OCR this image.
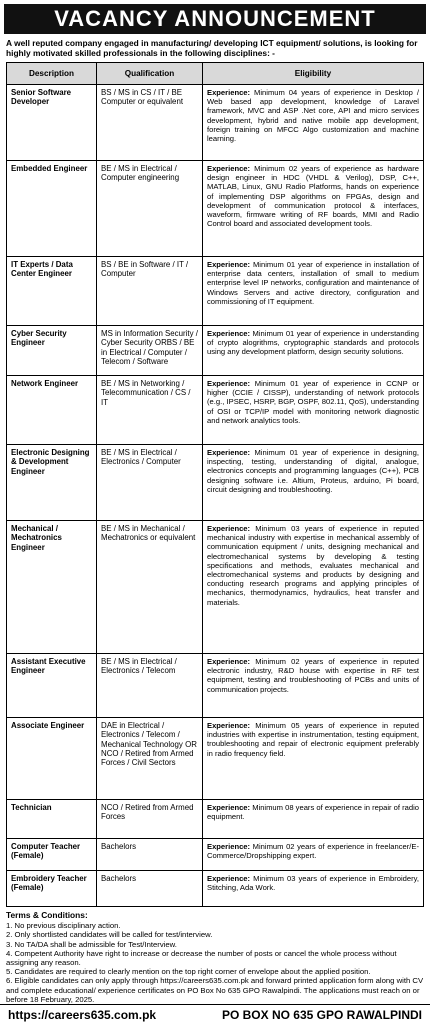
VACANCY ANNOUNCEMENT
A well reputed company engaged in manufacturing/ developing ICT equipment/ solutions, is looking for highly motivated skilled professionals in the following disciplines: -
Description	Qualification	Eligibility
Senior Software Developer	BS / MS in CS / IT / BE Computer or equivalent	Experience: Minimum 04 years of experience in Desktop / Web based app development, knowledge of Laravel framework, MVC and ASP .Net core, API and micro services development, hybrid and native mobile app development, foreign training on MFCC Algo customization and machine learning.
Embedded Engineer	BE / MS in Electrical / Computer engineering	Experience: Minimum 02 years of experience as hardware design engineer in HDC (VHDL & Verilog), DSP, C++, MATLAB, Linux, GNU Radio Platforms, hands on experience of implementing DSP algorithms on FPGAs, design and development of communication protocol & interfaces, waveform, firmware writing of RF boards, MMI and Radio Control board and associated development tools.
IT Experts / Data Center Engineer	BS / BE in Software / IT / Computer	Experience: Minimum 01 year of experience in installation of enterprise data centers, installation of small to medium enterprise level IP networks, configuration and maintenance of Windows Servers and active directory, configuration and commissioning of IT equipment.
Cyber Security Engineer	MS in Information Security / Cyber Security ORBS / BE in Electrical / Computer / Telecom / Software	Experience: Minimum 01 year of experience in understanding of crypto alogrithms, cryptographic standards and protocols using any development platform, design security solutions.
Network Engineer	BE / MS in Networking / Telecommunication / CS / IT	Experience: Minimum 01 year of experience in CCNP or higher (CCIE / CISSP), understanding of network protocols (e.g., IPSEC, HSRP, BGP, OSPF, 802.11, QoS), understanding of OSI or TCP/IP model with monitoring network diagnostic and network analytics tools.
Electronic Designing & Development Engineer	BE / MS in Electrical / Electronics / Computer	Experience: Minimum 01 year of experience in designing, inspecting, testing, understanding of digital, analogue, electronics concepts and programming languages (C++), PCB designing software i.e. Altium, Proteus, arduino, Pi board, circuit designing and troubleshooting.
Mechanical / Mechatronics Engineer	BE / MS in Mechanical / Mechatronics or equivalent	Experience: Minimum 03 years of experience in reputed mechanical industry with expertise in mechanical assembly of communication equipment / units, designing mechanical and electromechanical systems by developing & testing specifications and methods, evaluates mechanical and electromechanical systems and products by designing and conducting research programs and applying principles of mechanics, thermodynamics, hydraulics, heat transfer and materials.
Assistant Executive Engineer	BE / MS in Electrical / Electronics / Telecom	Experience: Minimum 02 years of experience in reputed electronic industry, R&D house with expertise in RF test equipment, testing and troubleshooting of PCBs and units of communication projects.
Associate Engineer	DAE in Electrical / Electronics / Telecom / Mechanical Technology OR NCO / Retired from Armed Forces / Civil Sectors	Experience: Minimum 05 years of experience in reputed industries with expertise in instrumentation, testing equipment, troubleshooting and repair of electronic equipment preferably in radio frequency field.
Technician	NCO / Retired from Armed Forces	Experience: Minimum 08 years of experience in repair of radio equipment.
Computer Teacher (Female)	Bachelors	Experience: Minimum 02 years of experience in freelancer/E-Commerce/Dropshipping expert.
Embroidery Teacher (Female)	Bachelors	Experience: Minimum 03 years of experience in Embroidery, Stitching, Ada Work.
Terms & Conditions:
1. No previous disciplinary action.
2. Only shortlisted candidates will be called for test/interview.
3. No TA/DA shall be admissible for Test/Interview.
4. Competent Authority have right to increase or decrease the number of posts or cancel the whole process without assigning any reason.
5. Candidates are required to clearly mention on the top right corner of envelope about the applied position.
6. Eligible candidates can only apply through https://careers635.com.pk and forward printed application form along with CV and complete educational/ experience certificates on PO Box No 635 GPO Rawalpindi. The applications must reach on or before 18 February, 2025.
https://careers635.com.pk	PO BOX NO 635 GPO RAWALPINDI
